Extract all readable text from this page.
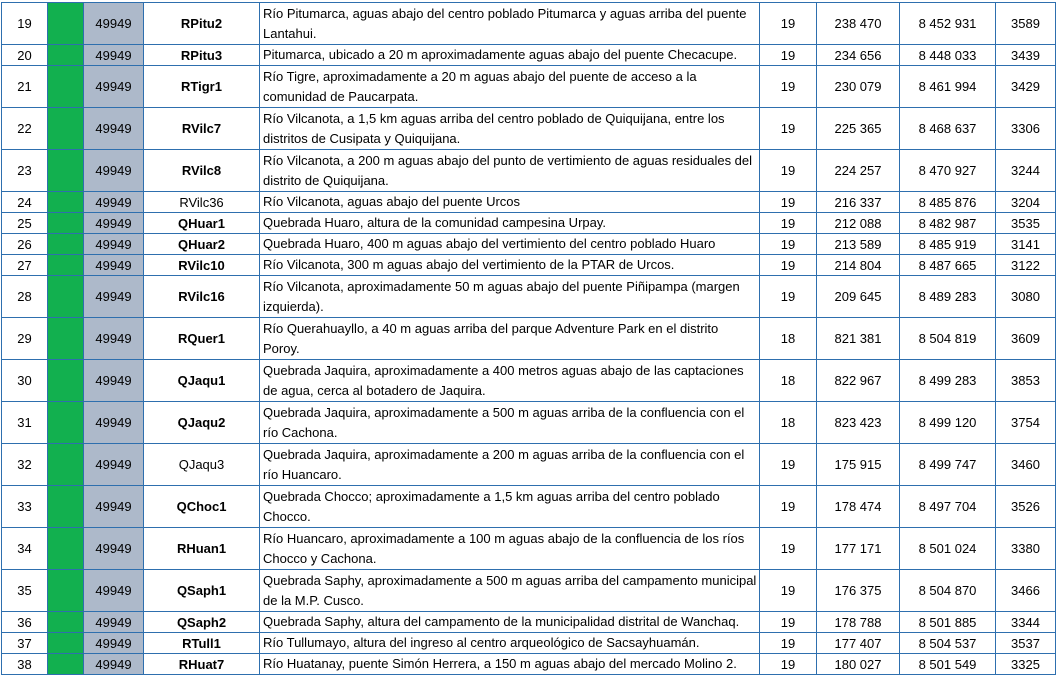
19		49949	RPitu2	Río Pitumarca, aguas abajo del centro poblado Pitumarca y aguas arriba del puente Lantahui.	19	238 470	8 452 931	3589
20		49949	RPitu3	Pitumarca, ubicado a 20 m aproximadamente aguas abajo del puente Checacupe.	19	234 656	8 448 033	3439
21		49949	RTigr1	Río Tigre, aproximadamente a 20 m aguas abajo del puente de acceso a la comunidad de Paucarpata.	19	230 079	8 461 994	3429
22		49949	RVilc7	Río Vilcanota, a 1,5 km aguas arriba del centro poblado de Quiquijana, entre los distritos de Cusipata y Quiquijana.	19	225 365	8 468 637	3306
23		49949	RVilc8	Río Vilcanota, a 200 m aguas abajo del punto de vertimiento de aguas residuales del distrito de Quiquijana.	19	224 257	8 470 927	3244
24		49949	RVilc36	Río Vilcanota, aguas abajo del puente Urcos	19	216 337	8 485 876	3204
25		49949	QHuar1	Quebrada Huaro, altura de la comunidad campesina Urpay.	19	212 088	8 482 987	3535
26		49949	QHuar2	Quebrada Huaro, 400 m aguas abajo del vertimiento del centro poblado Huaro	19	213 589	8 485 919	3141
27		49949	RVilc10	Río Vilcanota, 300 m aguas abajo del vertimiento de la PTAR de Urcos.	19	214 804	8 487 665	3122
28		49949	RVilc16	Río Vilcanota, aproximadamente 50 m aguas abajo del puente Piñipampa (margen izquierda).	19	209 645	8 489 283	3080
29		49949	RQuer1	Río Querahuayllo, a 40 m aguas arriba del parque Adventure Park en el distrito Poroy.	18	821 381	8 504 819	3609
30		49949	QJaqu1	Quebrada Jaquira, aproximadamente a 400 metros aguas abajo de las captaciones de agua, cerca al botadero de Jaquira.	18	822 967	8 499 283	3853
31		49949	QJaqu2	Quebrada Jaquira, aproximadamente a 500 m aguas arriba de la confluencia con el río Cachona.	18	823 423	8 499 120	3754
32		49949	QJaqu3	Quebrada Jaquira, aproximadamente a 200 m aguas arriba de la confluencia con el río Huancaro.	19	175 915	8 499 747	3460
33		49949	QChoc1	Quebrada Chocco; aproximadamente a 1,5 km aguas arriba del centro poblado Chocco.	19	178 474	8 497 704	3526
34		49949	RHuan1	Río Huancaro, aproximadamente a 100 m aguas abajo de la confluencia de los ríos Chocco y Cachona.	19	177 171	8 501 024	3380
35		49949	QSaph1	Quebrada Saphy, aproximadamente a 500 m aguas arriba del campamento municipal de la M.P. Cusco.	19	176 375	8 504 870	3466
36		49949	QSaph2	Quebrada Saphy, altura del campamento de la municipalidad distrital de Wanchaq.	19	178 788	8 501 885	3344
37		49949	RTull1	Río Tullumayo, altura del ingreso al centro arqueológico de Sacsayhuamán.	19	177 407	8 504 537	3537
38		49949	RHuat7	Río Huatanay, puente Simón Herrera, a 150 m aguas abajo del mercado Molino 2.	19	180 027	8 501 549	3325
